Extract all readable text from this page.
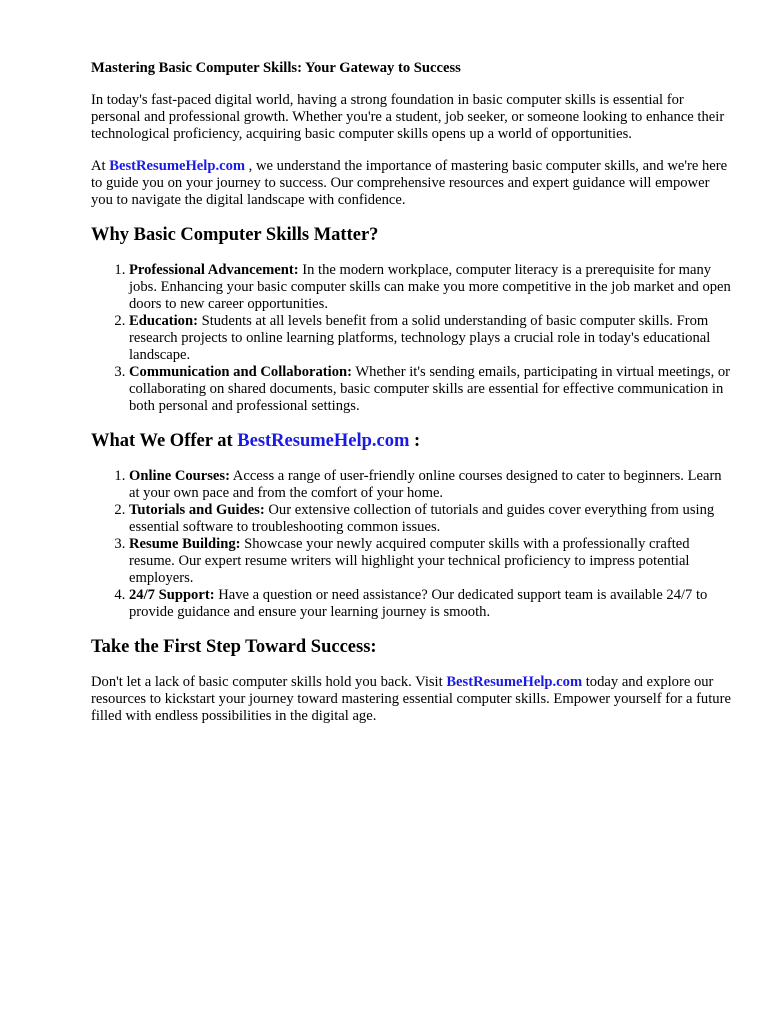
Mastering Basic Computer Skills: Your Gateway to Success

In today's fast-paced digital world, having a strong foundation in basic computer skills is essential for personal and professional growth. Whether you're a student, job seeker, or someone looking to enhance their technological proficiency, acquiring basic computer skills opens up a world of opportunities.

At BestResumeHelp.com , we understand the importance of mastering basic computer skills, and we're here to guide you on your journey to success. Our comprehensive resources and expert guidance will empower you to navigate the digital landscape with confidence.

Why Basic Computer Skills Matter?
1. Professional Advancement: In the modern workplace, computer literacy is a prerequisite for many jobs. Enhancing your basic computer skills can make you more competitive in the job market and open doors to new career opportunities.
2. Education: Students at all levels benefit from a solid understanding of basic computer skills. From research projects to online learning platforms, technology plays a crucial role in today's educational landscape.
3. Communication and Collaboration: Whether it's sending emails, participating in virtual meetings, or collaborating on shared documents, basic computer skills are essential for effective communication in both personal and professional settings.
What We Offer at BestResumeHelp.com :
1. Online Courses: Access a range of user-friendly online courses designed to cater to beginners. Learn at your own pace and from the comfort of your home.
2. Tutorials and Guides: Our extensive collection of tutorials and guides cover everything from using essential software to troubleshooting common issues.
3. Resume Building: Showcase your newly acquired computer skills with a professionally crafted resume. Our expert resume writers will highlight your technical proficiency to impress potential employers.
4. 24/7 Support: Have a question or need assistance? Our dedicated support team is available 24/7 to provide guidance and ensure your learning journey is smooth.
Take the First Step Toward Success:

Don't let a lack of basic computer skills hold you back. Visit BestResumeHelp.com today and explore our resources to kickstart your journey toward mastering essential computer skills. Empower yourself for a future filled with endless possibilities in the digital age.
